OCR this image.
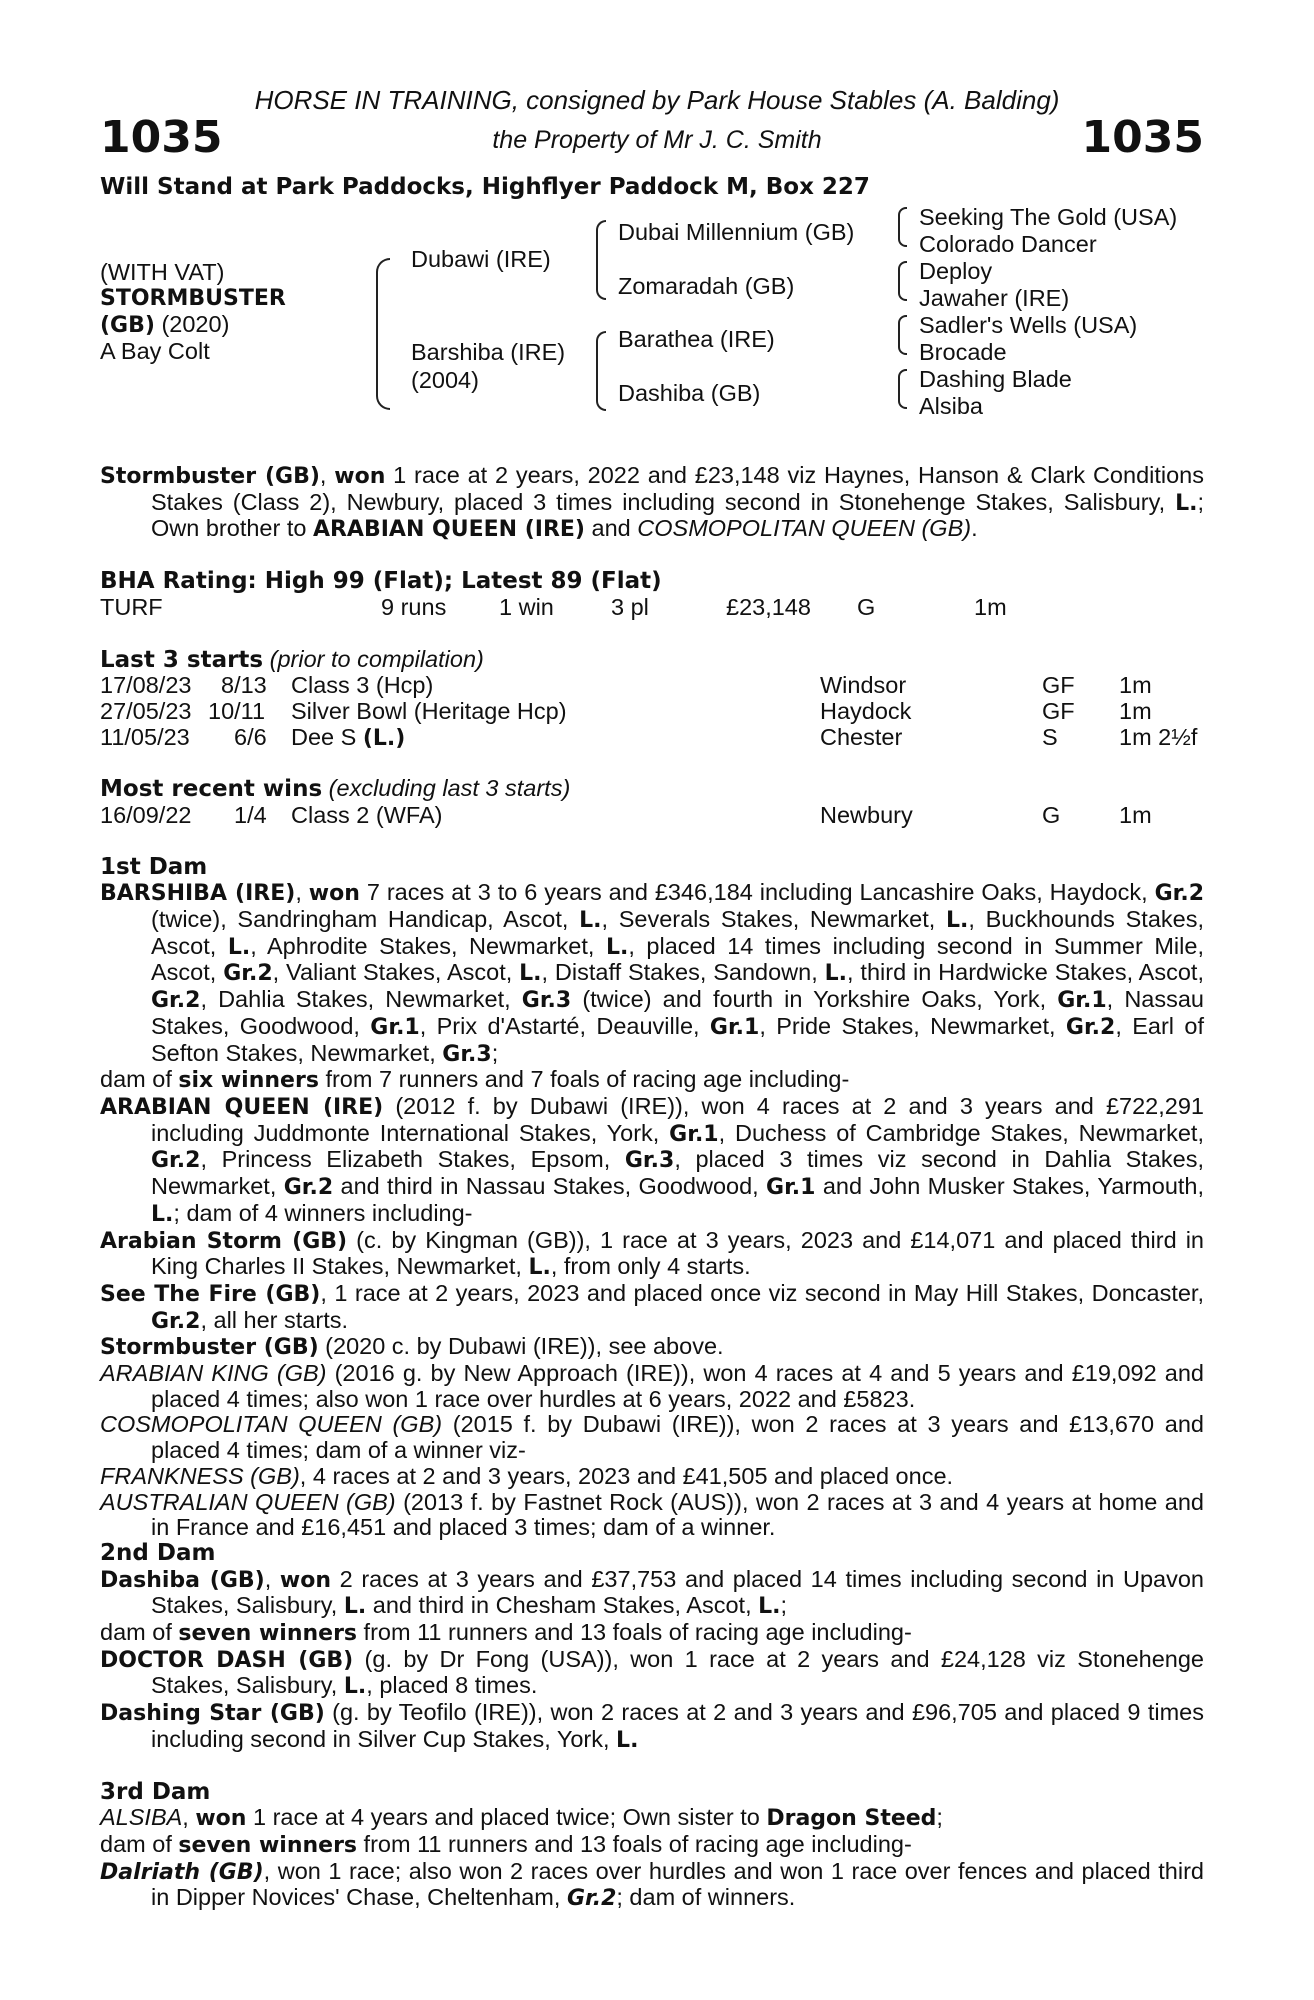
1035	1035
HORSE IN TRAINING, consigned by Park House Stables (A. Balding)
the Property of Mr J. C. Smith
Will Stand at Park Paddocks, Highflyer Paddock M, Box 227
(WITH VAT)
STORMBUSTER
(GB) (2020)
A Bay Colt
Dubawi (IRE)
Barshiba (IRE)
(2004)
Dubai Millennium (GB)
Zomaradah (GB)
Barathea (IRE)
Dashiba (GB)
Seeking The Gold (USA)
Colorado Dancer
Deploy
Jawaher (IRE)
Sadler's Wells (USA)
Brocade
Dashing Blade
Alsiba

Stormbuster (GB), won 1 race at 2 years, 2022 and £23,148 viz Haynes, Hanson & Clark Conditions Stakes (Class 2), Newbury, placed 3 times including second in Stonehenge Stakes, Salisbury, L.; Own brother to ARABIAN QUEEN (IRE) and COSMOPOLITAN QUEEN (GB).

BHA Rating: High 99 (Flat); Latest 89 (Flat)

TURF	9 runs 1 win 3 pl	£23,148 G	1m

Last 3 starts (prior to compilation)

17/08/23 8/13 Class 3 (Hcp)	Windsor	GF 1m
27/05/23 10/11 Silver Bowl (Heritage Hcp)	Haydock	GF 1m
11/05/23 6/6 Dee S (L.)	Chester	S	1m 2½f

Most recent wins (excluding last 3 starts)

16/09/22 1/4 Class 2 (WFA)	Newbury	G 1m

1st Dam

BARSHIBA (IRE), won 7 races at 3 to 6 years and £346,184 including Lancashire Oaks, Haydock, Gr.2 (twice), Sandringham Handicap, Ascot, L., Severals Stakes, Newmarket, L., Buckhounds Stakes, Ascot, L., Aphrodite Stakes, Newmarket, L., placed 14 times including second in Summer Mile, Ascot, Gr.2, Valiant Stakes, Ascot, L., Distaff Stakes, Sandown, L., third in Hardwicke Stakes, Ascot, Gr.2, Dahlia Stakes, Newmarket, Gr.3 (twice) and fourth in Yorkshire Oaks, York, Gr.1, Nassau Stakes, Goodwood, Gr.1, Prix d'Astarté, Deauville, Gr.1, Pride Stakes, Newmarket, Gr.2, Earl of Sefton Stakes, Newmarket, Gr.3;

dam of six winners from 7 runners and 7 foals of racing age including-

ARABIAN QUEEN (IRE) (2012 f. by Dubawi (IRE)), won 4 races at 2 and 3 years and £722,291 including Juddmonte International Stakes, York, Gr.1, Duchess of Cambridge Stakes, Newmarket, Gr.2, Princess Elizabeth Stakes, Epsom, Gr.3, placed 3 times viz second in Dahlia Stakes, Newmarket, Gr.2 and third in Nassau Stakes, Goodwood, Gr.1 and John Musker Stakes, Yarmouth, L.; dam of 4 winners including-

Arabian Storm (GB) (c. by Kingman (GB)), 1 race at 3 years, 2023 and £14,071 and placed third in King Charles II Stakes, Newmarket, L., from only 4 starts.

See The Fire (GB), 1 race at 2 years, 2023 and placed once viz second in May Hill Stakes, Doncaster, Gr.2, all her starts.

Stormbuster (GB) (2020 c. by Dubawi (IRE)), see above.

ARABIAN KING (GB) (2016 g. by New Approach (IRE)), won 4 races at 4 and 5 years and £19,092 and placed 4 times; also won 1 race over hurdles at 6 years, 2022 and £5823.

COSMOPOLITAN QUEEN (GB) (2015 f. by Dubawi (IRE)), won 2 races at 3 years and £13,670 and placed 4 times; dam of a winner viz-

FRANKNESS (GB), 4 races at 2 and 3 years, 2023 and £41,505 and placed once.

AUSTRALIAN QUEEN (GB) (2013 f. by Fastnet Rock (AUS)), won 2 races at 3 and 4 years at home and in France and £16,451 and placed 3 times; dam of a winner.

2nd Dam

Dashiba (GB), won 2 races at 3 years and £37,753 and placed 14 times including second in Upavon Stakes, Salisbury, L. and third in Chesham Stakes, Ascot, L.;

dam of seven winners from 11 runners and 13 foals of racing age including-

DOCTOR DASH (GB) (g. by Dr Fong (USA)), won 1 race at 2 years and £24,128 viz Stonehenge Stakes, Salisbury, L., placed 8 times.

Dashing Star (GB) (g. by Teofilo (IRE)), won 2 races at 2 and 3 years and £96,705 and placed 9 times including second in Silver Cup Stakes, York, L.

3rd Dam

ALSIBA, won 1 race at 4 years and placed twice; Own sister to Dragon Steed;

dam of seven winners from 11 runners and 13 foals of racing age including-

Dalriath (GB), won 1 race; also won 2 races over hurdles and won 1 race over fences and placed third in Dipper Novices' Chase, Cheltenham, Gr.2; dam of winners.
